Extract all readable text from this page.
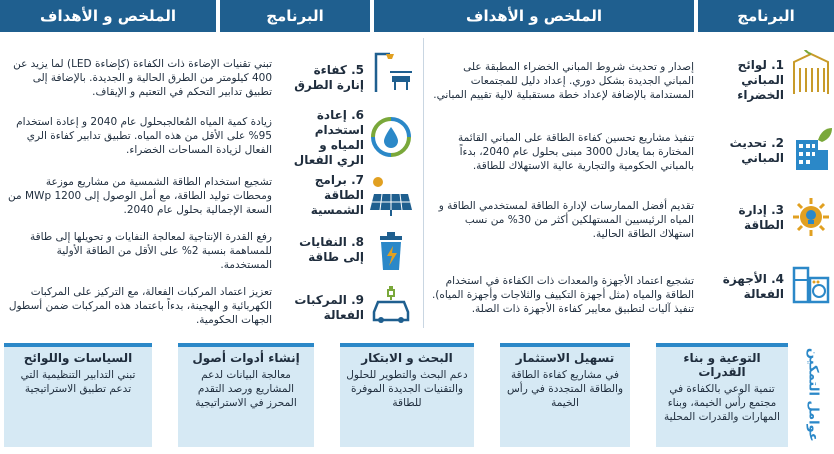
الملخص و الأهداف	البرنامج	الملخص و الأهداف	البرنامج
1. لوائح المباني الخضراء
إصدار و تحديث شروط المباني الخضراء المطبقة على المباني الجديدة بشكل دوري. إعداد دليل للمجتمعات المستدامة بالإضافة لإعداد خطة مستقبلية لالية تقييم المباني.
2. تحديث المباني
تنفيذ مشاريع تحسين كفاءة الطاقة على المباني القائمة المختارة بما يعادل 3000 مبنى بحلول عام 2040، بدءاً بالمباني الحكومية والتجارية عالية الاستهلاك للطاقة.
3. إدارة الطاقة
تقديم أفضل الممارسات لإدارة الطاقة لمستخدمي الطاقة و المياه الرئيسيين المستهلكين أكثر من 30% من نسب استهلاك الطاقة الحالية.
4. الأجهزة الفعالة
تشجيع اعتماد الأجهزة والمعدات ذات الكفاءة في استخدام الطاقة والمياه (مثل أجهزة التكييف والثلاجات وأجهزة المياه). تنفيذ آليات لتطبيق معايير كفاءة الأجهزة ذات الصلة.
5. كفاءة إنارة الطرق
تبني تقنيات الإضاءة ذات الكفاءة (كإضاءة LED) لما يزيد عن 400 كيلومتر من الطرق الحالية و الجديدة. بالإضافة إلى تطبيق تدابير التحكم في التعتيم و الإيقاف.
6. إعادة استخدام المياه و الري الفعال
زيادة كمية المياه المُعالجبحلول عام 2040 و إعادة استخدام 95% على الأقل من هذه المياه. تطبيق تدابير كفاءة الري الفعال لزيادة المساحات الخضراء.
7. برامج الطاقة الشمسية
تشجيع استخدام الطاقة الشمسية من مشاريع موزعة ومحطات توليد الطاقة، مع أمل الوصول إلى 1200 MWp من السعة الإجمالية بحلول عام 2040.
8. النفايات إلى طاقة
رفع القدرة الإنتاجية لمعالجة النفايات و تحويلها إلى طاقة للمساهمة بنسبة 2% على الأقل من الطاقة الأولية المستخدمة.
9. المركبات الفعالة
تعزيز اعتماد المركبات الفعالة، مع التركيز على المركبات الكهربائية و الهجينة، بدءاً باعتماد هذه المركبات ضمن أسطول الجهات الحكومية.
عوامل التمكين
التوعية و بناء القدرات
تنمية الوعي بالكفاءة في مجتمع رأس الخيمة، وبناء المهارات والقدرات المحلية
تسهيل الاستثمار
في مشاريع كفاءة الطاقة والطاقة المتجددة في رأس الخيمة
البحث و الابتكار
دعم البحث والتطوير للحلول والتقنيات الجديدة الموفرة للطاقة
إنشاء أدوات أصول
معالجة البيانات لدعم المشاريع ورصد التقدم المحرز في الاستراتيجية
السياسات واللوائح
تبني التدابير التنظيمية التي تدعم تطبيق الاستراتيجية
